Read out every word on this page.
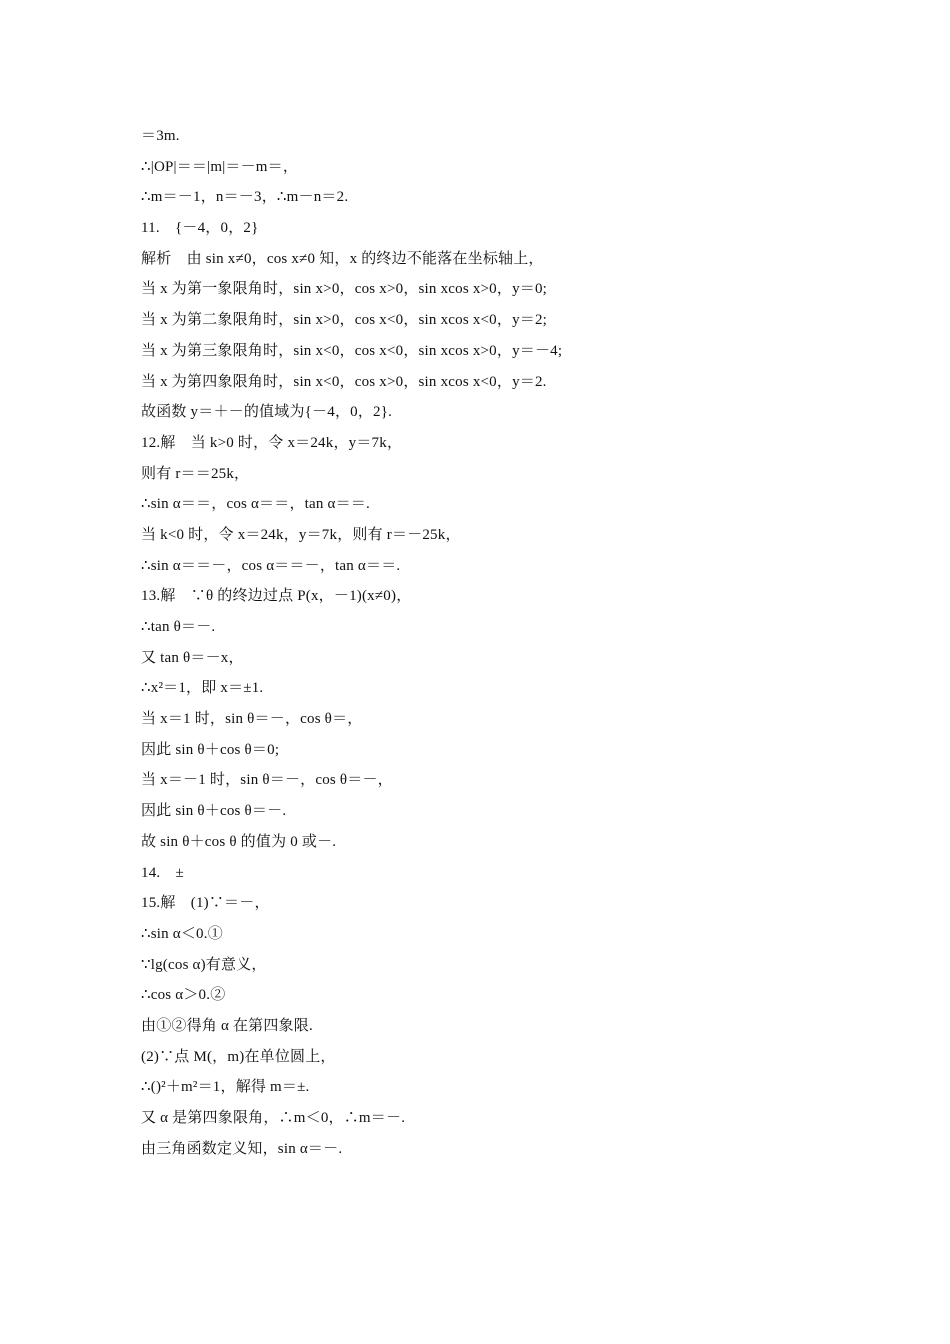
＝3m.
∴|OP|＝＝|m|＝－m＝，
∴m＝－1，n＝－3，∴m－n＝2.
11.　{－4，0，2}
解析　由 sin x≠0，cos x≠0 知，x 的终边不能落在坐标轴上，
当 x 为第一象限角时，sin x>0，cos x>0，sin xcos x>0，y＝0;
当 x 为第二象限角时，sin x>0，cos x<0，sin xcos x<0，y＝2;
当 x 为第三象限角时，sin x<0，cos x<0，sin xcos x>0，y＝－4;
当 x 为第四象限角时，sin x<0，cos x>0，sin xcos x<0，y＝2.
故函数 y＝＋－的值域为{－4，0，2}.
12.解　当 k>0 时，令 x＝24k，y＝7k，
则有 r＝＝25k，
∴sin α＝＝，cos α＝＝，tan α＝＝.
当 k<0 时，令 x＝24k，y＝7k，则有 r＝－25k，
∴sin α＝＝－，cos α＝＝－，tan α＝＝.
13.解　∵θ 的终边过点 P(x，－1)(x≠0)，
∴tan θ＝－.
又 tan θ＝－x，
∴x²＝1，即 x＝±1.
当 x＝1 时，sin θ＝－，cos θ＝，
因此 sin θ＋cos θ＝0;
当 x＝－1 时，sin θ＝－，cos θ＝－，
因此 sin θ＋cos θ＝－.
故 sin θ＋cos θ 的值为 0 或－.
14.　±
15.解　(1)∵＝－，
∴sin α＜0.①
∵lg(cos α)有意义，
∴cos α＞0.②
由①②得角 α 在第四象限.
(2)∵点 M(，m)在单位圆上，
∴()²＋m²＝1，解得 m＝±.
又 α 是第四象限角，∴m＜0，∴m＝－.
由三角函数定义知，sin α＝－.
